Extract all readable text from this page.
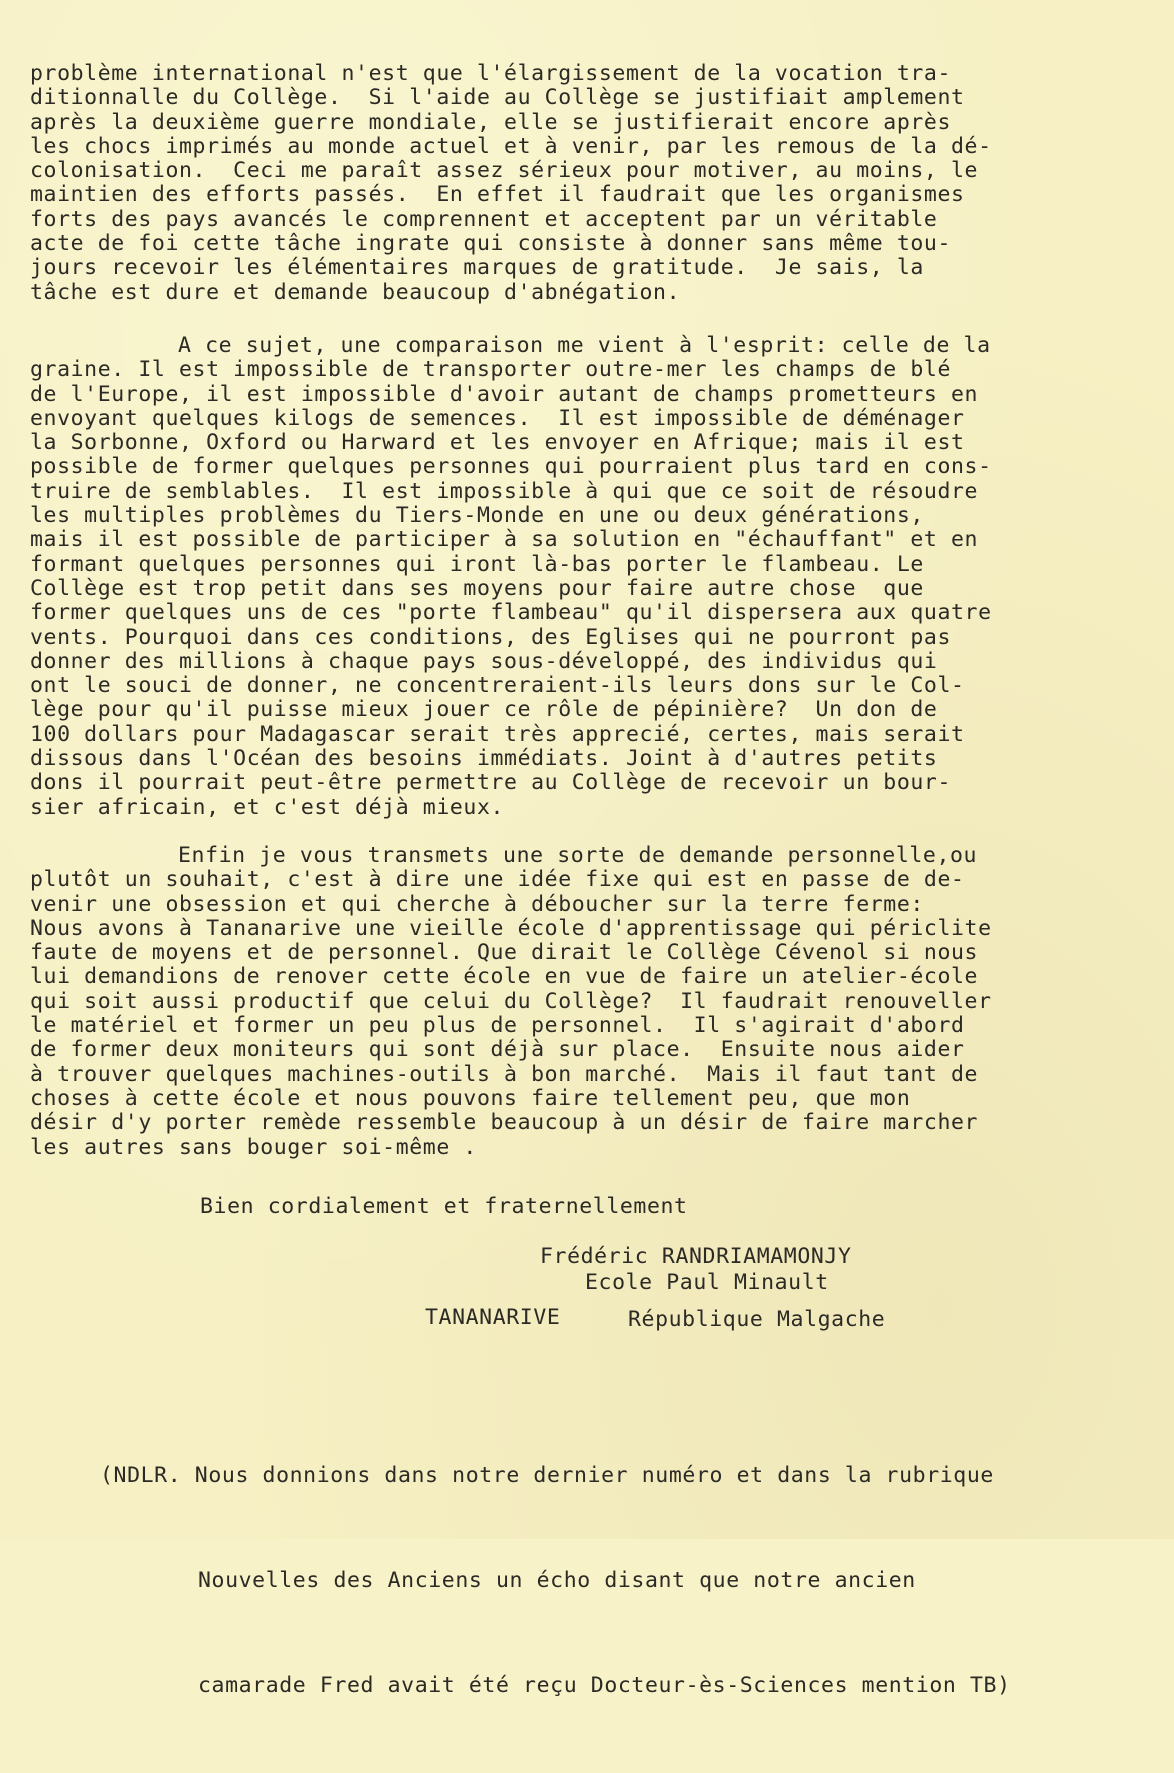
problème international n'est que l'élargissement de la vocation tra-
ditionnalle du Collège.  Si l'aide au Collège se justifiait amplement
après la deuxième guerre mondiale, elle se justifierait encore après
les chocs imprimés au monde actuel et à venir, par les remous de la dé-
colonisation.  Ceci me paraît assez sérieux pour motiver, au moins, le
maintien des efforts passés.  En effet il faudrait que les organismes
forts des pays avancés le comprennent et acceptent par un véritable
acte de foi cette tâche ingrate qui consiste à donner sans même tou-
jours recevoir les élémentaires marques de gratitude.  Je sais, la
tâche est dure et demande beaucoup d'abnégation.
A ce sujet, une comparaison me vient à l'esprit: celle de la
graine. Il est impossible de transporter outre-mer les champs de blé
de l'Europe, il est impossible d'avoir autant de champs prometteurs en
envoyant quelques kilogs de semences.  Il est impossible de déménager
la Sorbonne, Oxford ou Harward et les envoyer en Afrique; mais il est
possible de former quelques personnes qui pourraient plus tard en cons-
truire de semblables.  Il est impossible à qui que ce soit de résoudre
les multiples problèmes du Tiers-Monde en une ou deux générations,
mais il est possible de participer à sa solution en "échauffant" et en
formant quelques personnes qui iront là-bas porter le flambeau. Le
Collège est trop petit dans ses moyens pour faire autre chose  que
former quelques uns de ces "porte flambeau" qu'il dispersera aux quatre
vents. Pourquoi dans ces conditions, des Eglises qui ne pourront pas
donner des millions à chaque pays sous-développé, des individus qui
ont le souci de donner, ne concentreraient-ils leurs dons sur le Col-
lège pour qu'il puisse mieux jouer ce rôle de pépinière?  Un don de
100 dollars pour Madagascar serait très apprecié, certes, mais serait
dissous dans l'Océan des besoins immédiats. Joint à d'autres petits
dons il pourrait peut-être permettre au Collège de recevoir un bour-
sier africain, et c'est déjà mieux.
Enfin je vous transmets une sorte de demande personnelle,ou
plutôt un souhait, c'est à dire une idée fixe qui est en passe de de-
venir une obsession et qui cherche à déboucher sur la terre ferme:
Nous avons à Tananarive une vieille école d'apprentissage qui périclite
faute de moyens et de personnel. Que dirait le Collège Cévenol si nous
lui demandions de renover cette école en vue de faire un atelier-école
qui soit aussi productif que celui du Collège?  Il faudrait renouveller
le matériel et former un peu plus de personnel.  Il s'agirait d'abord
de former deux moniteurs qui sont déjà sur place.  Ensuite nous aider
à trouver quelques machines-outils à bon marché.  Mais il faut tant de
choses à cette école et nous pouvons faire tellement peu, que mon
désir d'y porter remède ressemble beaucoup à un désir de faire marcher
les autres sans bouger soi-même .
Bien cordialement et fraternellement
Frédéric RANDRIAMAMONJY
Ecole Paul Minault
TANANARIVE	République Malgache

(NDLR. Nous donnions dans notre dernier numéro et dans la rubrique

Nouvelles des Anciens un écho disant que notre ancien

camarade Fred avait été reçu Docteur-ès-Sciences mention TB)
